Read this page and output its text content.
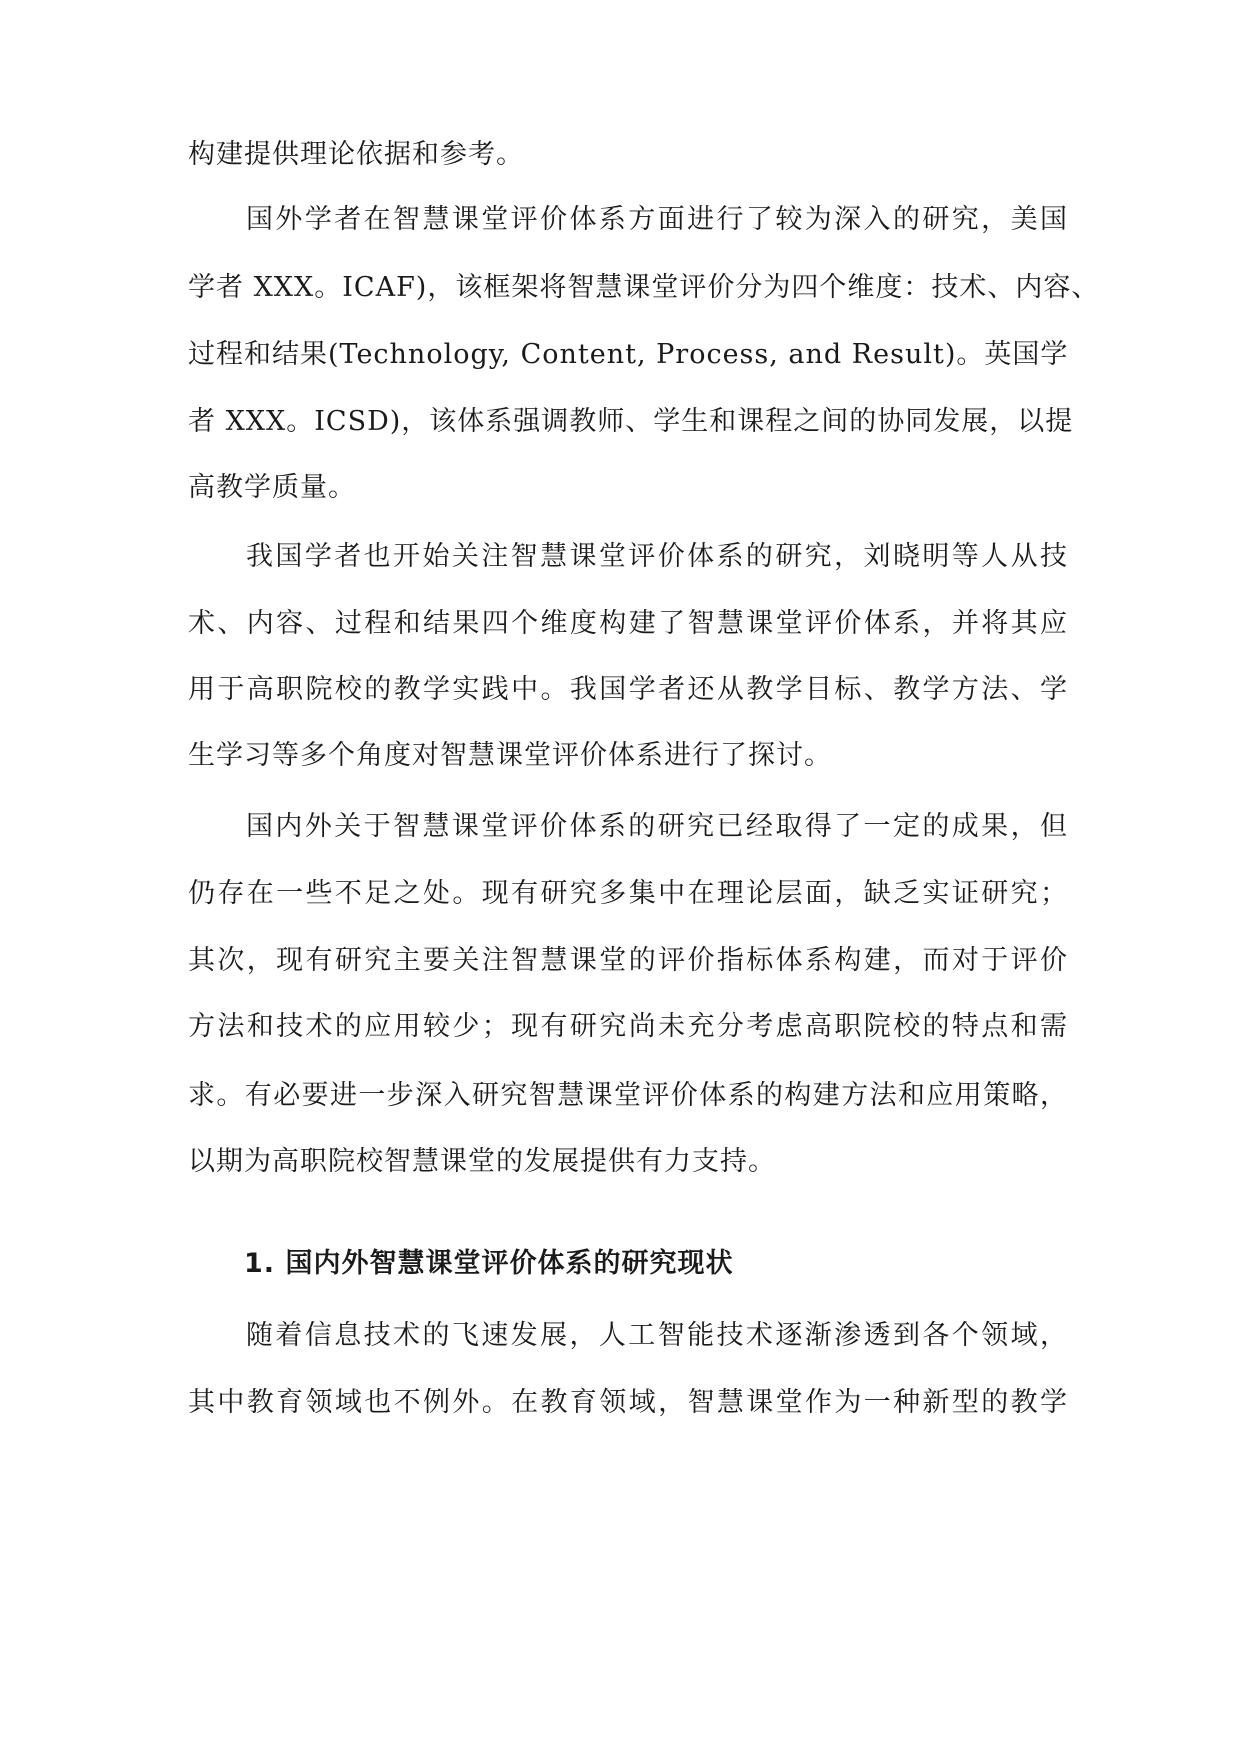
构建提供理论依据和参考。
国外学者在智慧课堂评价体系方面进行了较为深入的研究，美国
学者 XXX。ICAF)，该框架将智慧课堂评价分为四个维度：技术、内容、
过程和结果(Technology, Content, Process, and Result)。英国学
者 XXX。ICSD)，该体系强调教师、学生和课程之间的协同发展，以提
高教学质量。
我国学者也开始关注智慧课堂评价体系的研究，刘晓明等人从技
术、内容、过程和结果四个维度构建了智慧课堂评价体系，并将其应
用于高职院校的教学实践中。我国学者还从教学目标、教学方法、学
生学习等多个角度对智慧课堂评价体系进行了探讨。
国内外关于智慧课堂评价体系的研究已经取得了一定的成果，但
仍存在一些不足之处。现有研究多集中在理论层面，缺乏实证研究；
其次，现有研究主要关注智慧课堂的评价指标体系构建，而对于评价
方法和技术的应用较少；现有研究尚未充分考虑高职院校的特点和需
求。有必要进一步深入研究智慧课堂评价体系的构建方法和应用策略，
以期为高职院校智慧课堂的发展提供有力支持。
1. 国内外智慧课堂评价体系的研究现状
随着信息技术的飞速发展，人工智能技术逐渐渗透到各个领域，
其中教育领域也不例外。在教育领域，智慧课堂作为一种新型的教学
